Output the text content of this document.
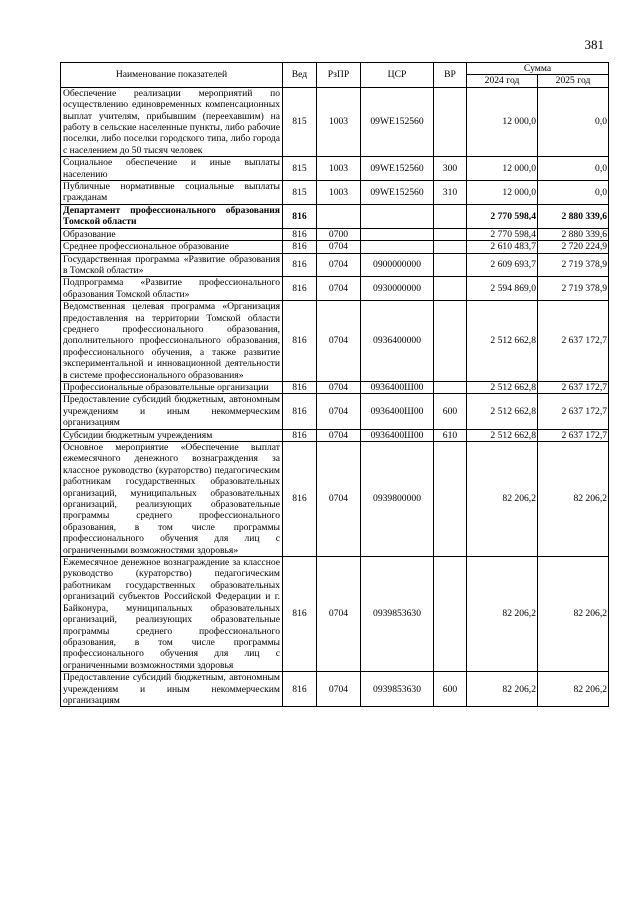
381
Наименование показателей	Вед	РзПР	ЦСР	ВР	Сумма	
					2024 год	2025 год
Обеспечение реализации мероприятий по осуществлению единовременных компенсационных выплат учителям, прибывшим (переехавшим) на работу в сельские населенные пункты, либо рабочие поселки, либо поселки городского типа, либо города с населением до 50 тысяч человек	815	1003	09WE152560		12 000,0	0,0
Социальное обеспечение и иные выплаты населению	815	1003	09WE152560	300	12 000,0	0,0
Публичные нормативные социальные выплаты гражданам	815	1003	09WE152560	310	12 000,0	0,0
Департамент профессионального образования Томской области	816				2 770 598,4	2 880 339,6
Образование	816	0700			2 770 598,4	2 880 339,6
Среднее профессиональное образование	816	0704			2 610 483,7	2 720 224,9
Государственная программа «Развитие образования в Томской области»	816	0704	0900000000		2 609 693,7	2 719 378,9
Подпрограмма «Развитие профессионального образования Томской области»	816	0704	0930000000		2 594 869,0	2 719 378,9
Ведомственная целевая программа «Организация предоставления на территории Томской области среднего профессионального образования, дополнительного профессионального образования, профессионального обучения, а также развитие экспериментальной и инновационной деятельности в системе профессионального образования»	816	0704	0936400000		2 512 662,8	2 637 172,7
Профессиональные образовательные организации	816	0704	0936400Ш00		2 512 662,8	2 637 172,7
Предоставление субсидий бюджетным, автономным учреждениям и иным некоммерческим организациям	816	0704	0936400Ш00	600	2 512 662,8	2 637 172,7
Субсидии бюджетным учреждениям	816	0704	0936400Ш00	610	2 512 662,8	2 637 172,7
Основное мероприятие «Обеспечение выплат ежемесячного денежного вознаграждения за классное руководство (кураторство) педагогическим работникам государственных образовательных организаций, муниципальных образовательных организаций, реализующих образовательные программы среднего профессионального образования, в том числе программы профессионального обучения для лиц с ограниченными возможностями здоровья»	816	0704	0939800000		82 206,2	82 206,2
Ежемесячное денежное вознаграждение за классное руководство (кураторство) педагогическим работникам государственных образовательных организаций субъектов Российской Федерации и г. Байконура, муниципальных образовательных организаций, реализующих образовательные программы среднего профессионального образования, в том числе программы профессионального обучения для лиц с ограниченными возможностями здоровья	816	0704	0939853630		82 206,2	82 206,2
Предоставление субсидий бюджетным, автономным учреждениям и иным некоммерческим организациям	816	0704	0939853630	600	82 206,2	82 206,2
